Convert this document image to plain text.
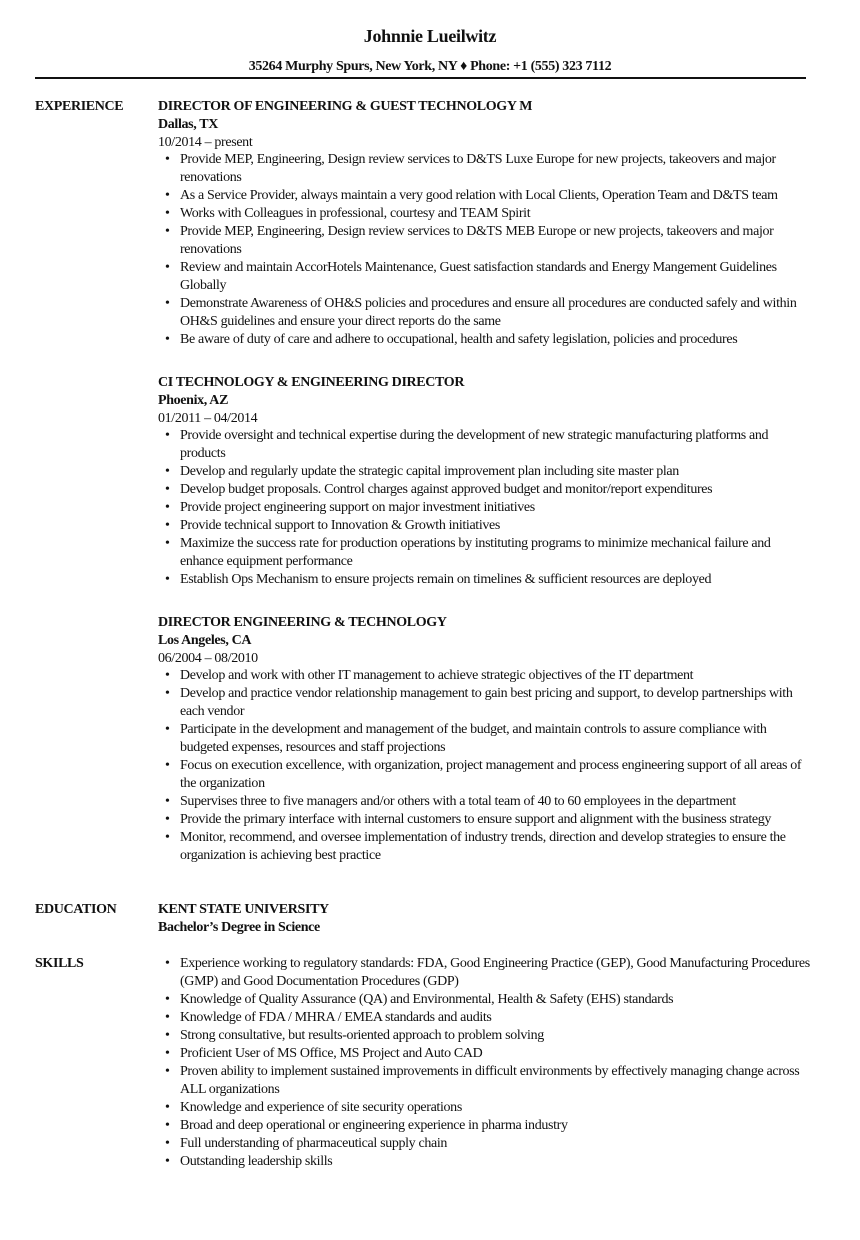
Johnnie Lueilwitz
35264 Murphy Spurs, New York, NY ♦ Phone: +1 (555) 323 7112
EXPERIENCE	DIRECTOR OF ENGINEERING & GUEST TECHNOLOGY M
Dallas, TX
10/2014 – present
• Provide MEP, Engineering, Design review services to D&TS Luxe Europe for new projects, takeovers and major renovations
• As a Service Provider, always maintain a very good relation with Local Clients, Operation Team and D&TS team
• Works with Colleagues in professional, courtesy and TEAM Spirit
• Provide MEP, Engineering, Design review services to D&TS MEB Europe or new projects, takeovers and major renovations
• Review and maintain AccorHotels Maintenance, Guest satisfaction standards and Energy Mangement Guidelines Globally
• Demonstrate Awareness of OH&S policies and procedures and ensure all procedures are conducted safely and within OH&S guidelines and ensure your direct reports do the same
• Be aware of duty of care and adhere to occupational, health and safety legislation, policies and procedures
CI TECHNOLOGY & ENGINEERING DIRECTOR
Phoenix, AZ
01/2011 – 04/2014
• Provide oversight and technical expertise during the development of new strategic manufacturing platforms and products
• Develop and regularly update the strategic capital improvement plan including site master plan
• Develop budget proposals. Control charges against approved budget and monitor/report expenditures
• Provide project engineering support on major investment initiatives
• Provide technical support to Innovation & Growth initiatives
• Maximize the success rate for production operations by instituting programs to minimize mechanical failure and enhance equipment performance
• Establish Ops Mechanism to ensure projects remain on timelines & sufficient resources are deployed
DIRECTOR ENGINEERING & TECHNOLOGY
Los Angeles, CA
06/2004 – 08/2010
• Develop and work with other IT management to achieve strategic objectives of the IT department
• Develop and practice vendor relationship management to gain best pricing and support, to develop partnerships with each vendor
• Participate in the development and management of the budget, and maintain controls to assure compliance with budgeted expenses, resources and staff projections
• Focus on execution excellence, with organization, project management and process engineering support of all areas of the organization
• Supervises three to five managers and/or others with a total team of 40 to 60 employees in the department
• Provide the primary interface with internal customers to ensure support and alignment with the business strategy
• Monitor, recommend, and oversee implementation of industry trends, direction and develop strategies to ensure the organization is achieving best practice
EDUCATION	KENT STATE UNIVERSITY
Bachelor’s Degree in Science
SKILLS	• Experience working to regulatory standards: FDA, Good Engineering Practice (GEP), Good Manufacturing Procedures (GMP) and Good Documentation Procedures (GDP)
• Knowledge of Quality Assurance (QA) and Environmental, Health & Safety (EHS) standards
• Knowledge of FDA / MHRA / EMEA standards and audits
• Strong consultative, but results-oriented approach to problem solving
• Proficient User of MS Office, MS Project and Auto CAD
• Proven ability to implement sustained improvements in difficult environments by effectively managing change across ALL organizations
• Knowledge and experience of site security operations
• Broad and deep operational or engineering experience in pharma industry
• Full understanding of pharmaceutical supply chain
• Outstanding leadership skills
